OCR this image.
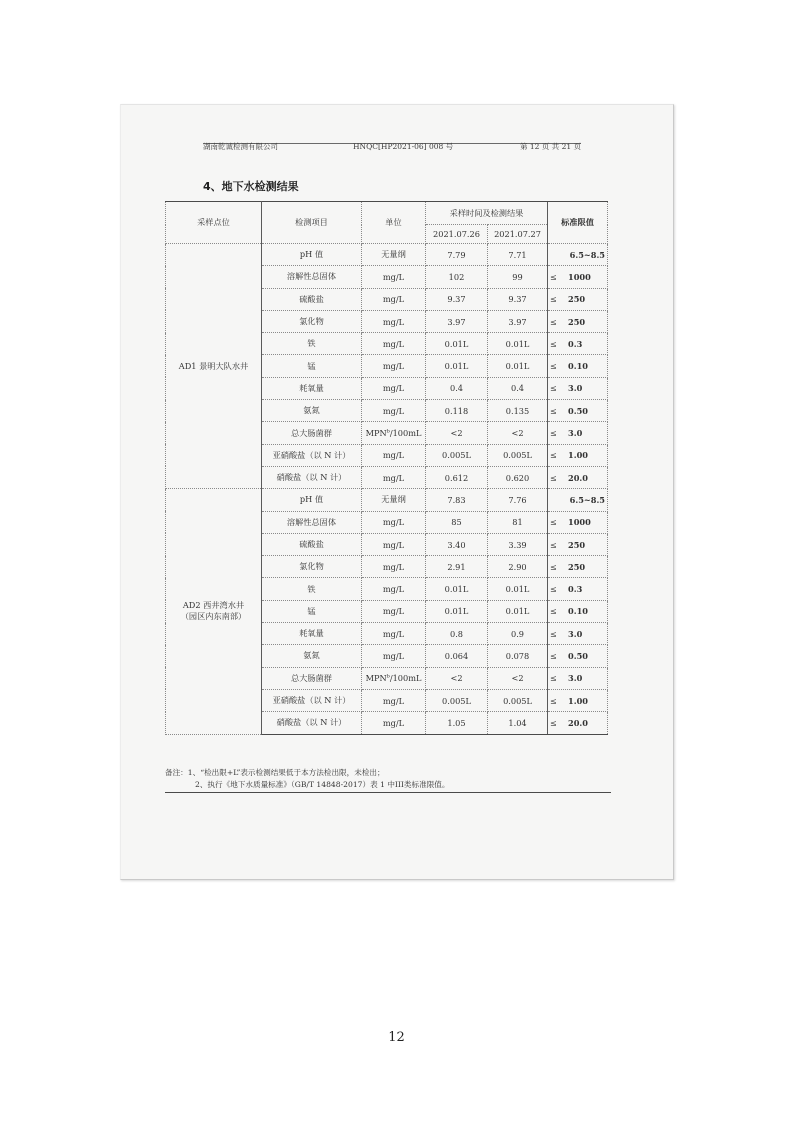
湖南乾诚检测有限公司	HNQC[HP2021-06] 008 号	第 12 页 共 21 页
4、地下水检测结果
采样点位	检测项目	单位	采样时间及检测结果		标准限值
			2021.07.26	2021.07.27	

AD1 景明大队水井	pH 值	无量纲	7.79	7.71	6.5~8.5
	溶解性总固体	mg/L	102	99	≤ 1000
	硫酸盐	mg/L	9.37	9.37	≤ 250
	氯化物	mg/L	3.97	3.97	≤ 250
	铁	mg/L	0.01L	0.01L	≤ 0.3
	锰	mg/L	0.01L	0.01L	≤ 0.10
	耗氧量	mg/L	0.4	0.4	≤ 3.0
	氨氮	mg/L	0.118	0.135	≤ 0.50
	总大肠菌群	$MPN^b/100mL$	<2	<2	≤ 3.0
	亚硝酸盐（以 N 计）	mg/L	0.005L	0.005L	≤ 1.00
	硝酸盐（以 N 计）	mg/L	0.612	0.620	≤ 20.0

AD2 西井湾水井
（园区内东南部）	pH 值	无量纲	7.83	7.76	6.5~8.5
	溶解性总固体	mg/L	85	81	≤ 1000
	硫酸盐	mg/L	3.40	3.39	≤ 250
	氯化物	mg/L	2.91	2.90	≤ 250
	铁	mg/L	0.01L	0.01L	≤ 0.3
	锰	mg/L	0.01L	0.01L	≤ 0.10
	耗氧量	mg/L	0.8	0.9	≤ 3.0
	氨氮	mg/L	0.064	0.078	≤ 0.50
	总大肠菌群	$MPN^b/100mL$	<2	<2	≤ 3.0
	亚硝酸盐（以 N 计）	mg/L	0.005L	0.005L	≤ 1.00
	硝酸盐（以 N 计）	mg/L	1.05	1.04	≤ 20.0
备注：1、“检出限+L”表示检测结果低于本方法检出限，未检出；
2、执行《地下水质量标准》（GB/T 14848-2017）表 1 中III类标准限值。
12
